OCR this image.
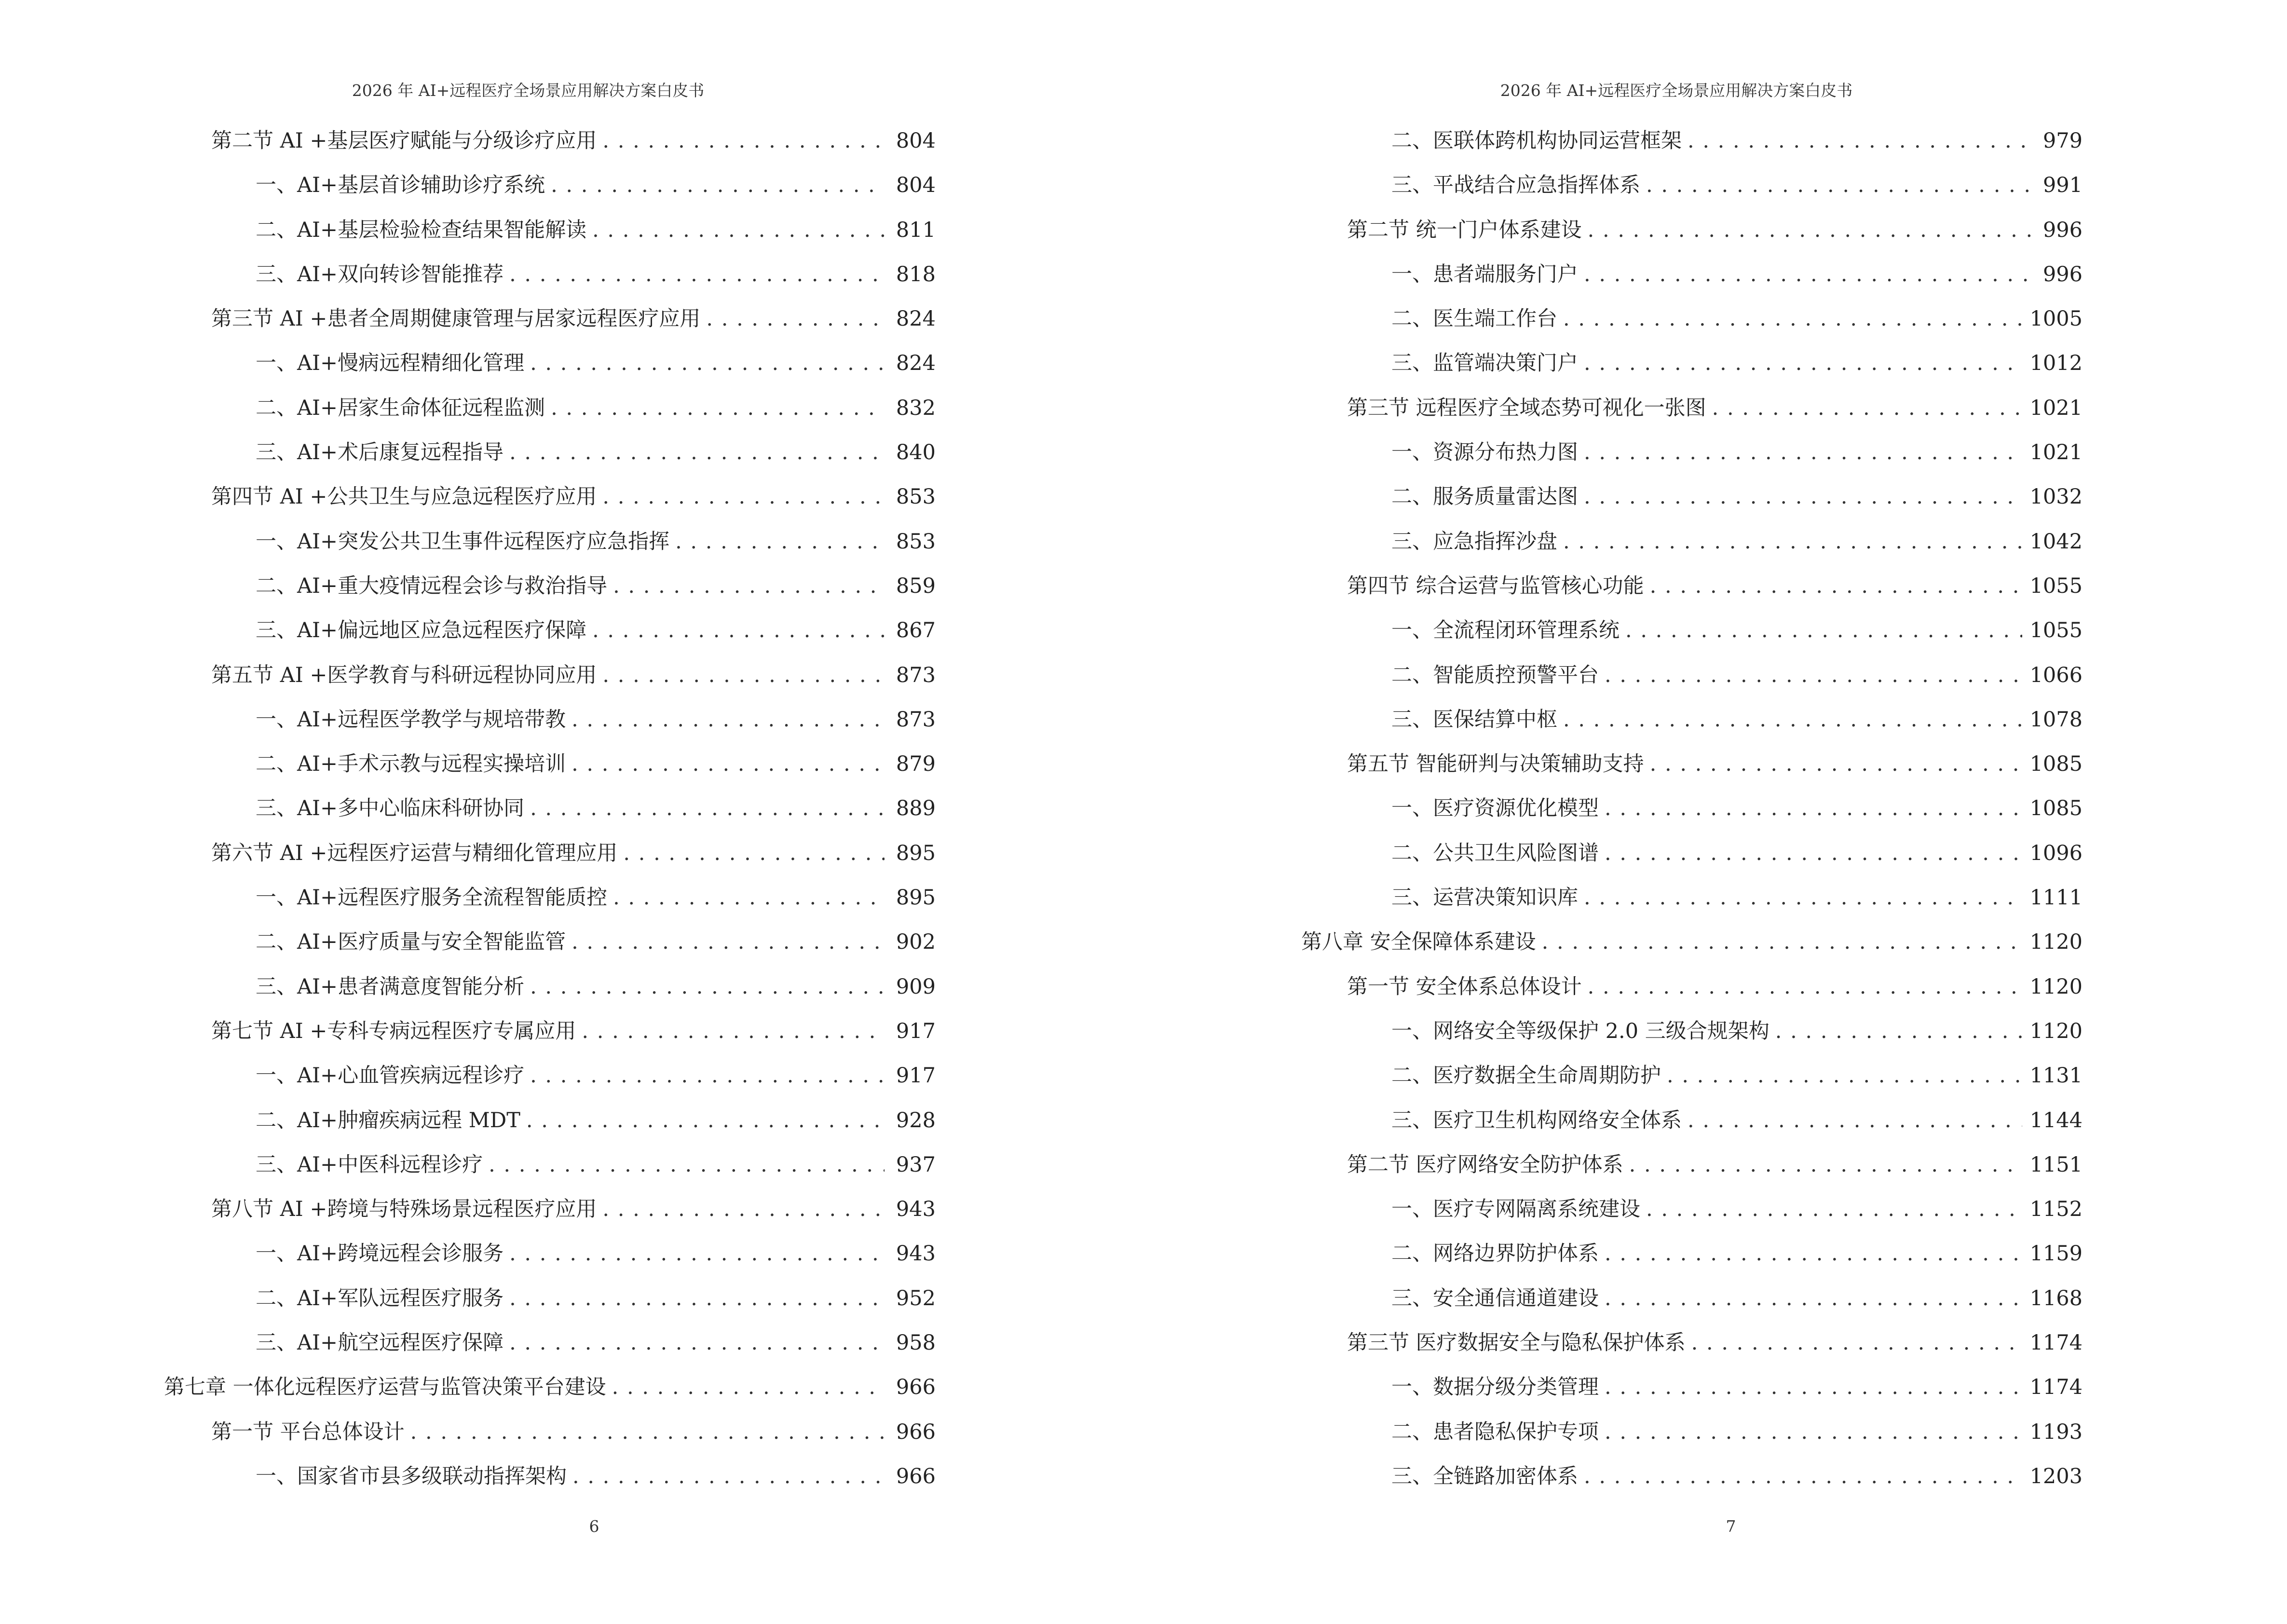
2026 年 AI+远程医疗全场景应用解决方案白皮书
第二节 AI +基层医疗赋能与分级诊疗应用 . . .	804
一、AI+基层首诊辅助诊疗系统 . . .	804
二、AI+基层检验检查结果智能解读 . . .	811
三、AI+双向转诊智能推荐 . . .	818
第三节 AI +患者全周期健康管理与居家远程医疗应用 . . .	824
一、AI+慢病远程精细化管理 . . .	824
二、AI+居家生命体征远程监测 . . .	832
三、AI+术后康复远程指导 . . .	840
第四节 AI +公共卫生与应急远程医疗应用 . . .	853
一、AI+突发公共卫生事件远程医疗应急指挥 . . .	853
二、AI+重大疫情远程会诊与救治指导 . . .	859
三、AI+偏远地区应急远程医疗保障 . . .	867
第五节 AI +医学教育与科研远程协同应用 . . .	873
一、AI+远程医学教学与规培带教 . . .	873
二、AI+手术示教与远程实操培训 . . .	879
三、AI+多中心临床科研协同 . . .	889
第六节 AI +远程医疗运营与精细化管理应用 . . .	895
一、AI+远程医疗服务全流程智能质控 . . .	895
二、AI+医疗质量与安全智能监管 . . .	902
三、AI+患者满意度智能分析 . . .	909
第七节 AI +专科专病远程医疗专属应用 . . .	917
一、AI+心血管疾病远程诊疗 . . .	917
二、AI+肿瘤疾病远程 MDT . . .	928
三、AI+中医科远程诊疗 . . .	937
第八节 AI +跨境与特殊场景远程医疗应用 . . .	943
一、AI+跨境远程会诊服务 . . .	943
二、AI+军队远程医疗服务 . . .	952
三、AI+航空远程医疗保障 . . .	958
第七章 一体化远程医疗运营与监管决策平台建设 . . .	966
第一节 平台总体设计 . . .	966
一、国家省市县多级联动指挥架构 . . .	966
6
2026 年 AI+远程医疗全场景应用解决方案白皮书
二、医联体跨机构协同运营框架 . . .	979
三、平战结合应急指挥体系 . . .	991
第二节 统一门户体系建设 . . .	996
一、患者端服务门户 . . .	996
二、医生端工作台 . . .	1005
三、监管端决策门户 . . .	1012
第三节 远程医疗全域态势可视化一张图 . . .	1021
一、资源分布热力图 . . .	1021
二、服务质量雷达图 . . .	1032
三、应急指挥沙盘 . . .	1042
第四节 综合运营与监管核心功能 . . .	1055
一、全流程闭环管理系统 . . .	1055
二、智能质控预警平台 . . .	1066
三、医保结算中枢 . . .	1078
第五节 智能研判与决策辅助支持 . . .	1085
一、医疗资源优化模型 . . .	1085
二、公共卫生风险图谱 . . .	1096
三、运营决策知识库 . . .	1111
第八章 安全保障体系建设 . . .	1120
第一节 安全体系总体设计 . . .	1120
一、网络安全等级保护 2.0 三级合规架构 . . .	1120
二、医疗数据全生命周期防护 . . .	1131
三、医疗卫生机构网络安全体系 . . .	1144
第二节 医疗网络安全防护体系 . . .	1151
一、医疗专网隔离系统建设 . . .	1152
二、网络边界防护体系 . . .	1159
三、安全通信通道建设 . . .	1168
第三节 医疗数据安全与隐私保护体系 . . .	1174
一、数据分级分类管理 . . .	1174
二、患者隐私保护专项 . . .	1193
三、全链路加密体系 . . .	1203
7
